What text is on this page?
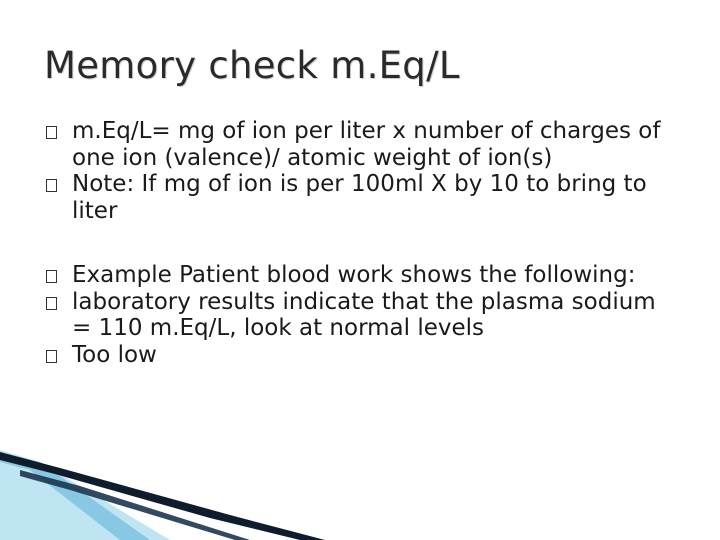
Memory check m.Eq/L
m.Eq/L= mg of ion per liter x number of charges of one ion (valence)/ atomic weight of ion(s)
Note: If mg of ion is per 100ml X by 10 to bring to liter
Example Patient blood work shows the following:
laboratory results indicate that the plasma sodium = 110 m.Eq/L, look at normal levels
Too low
